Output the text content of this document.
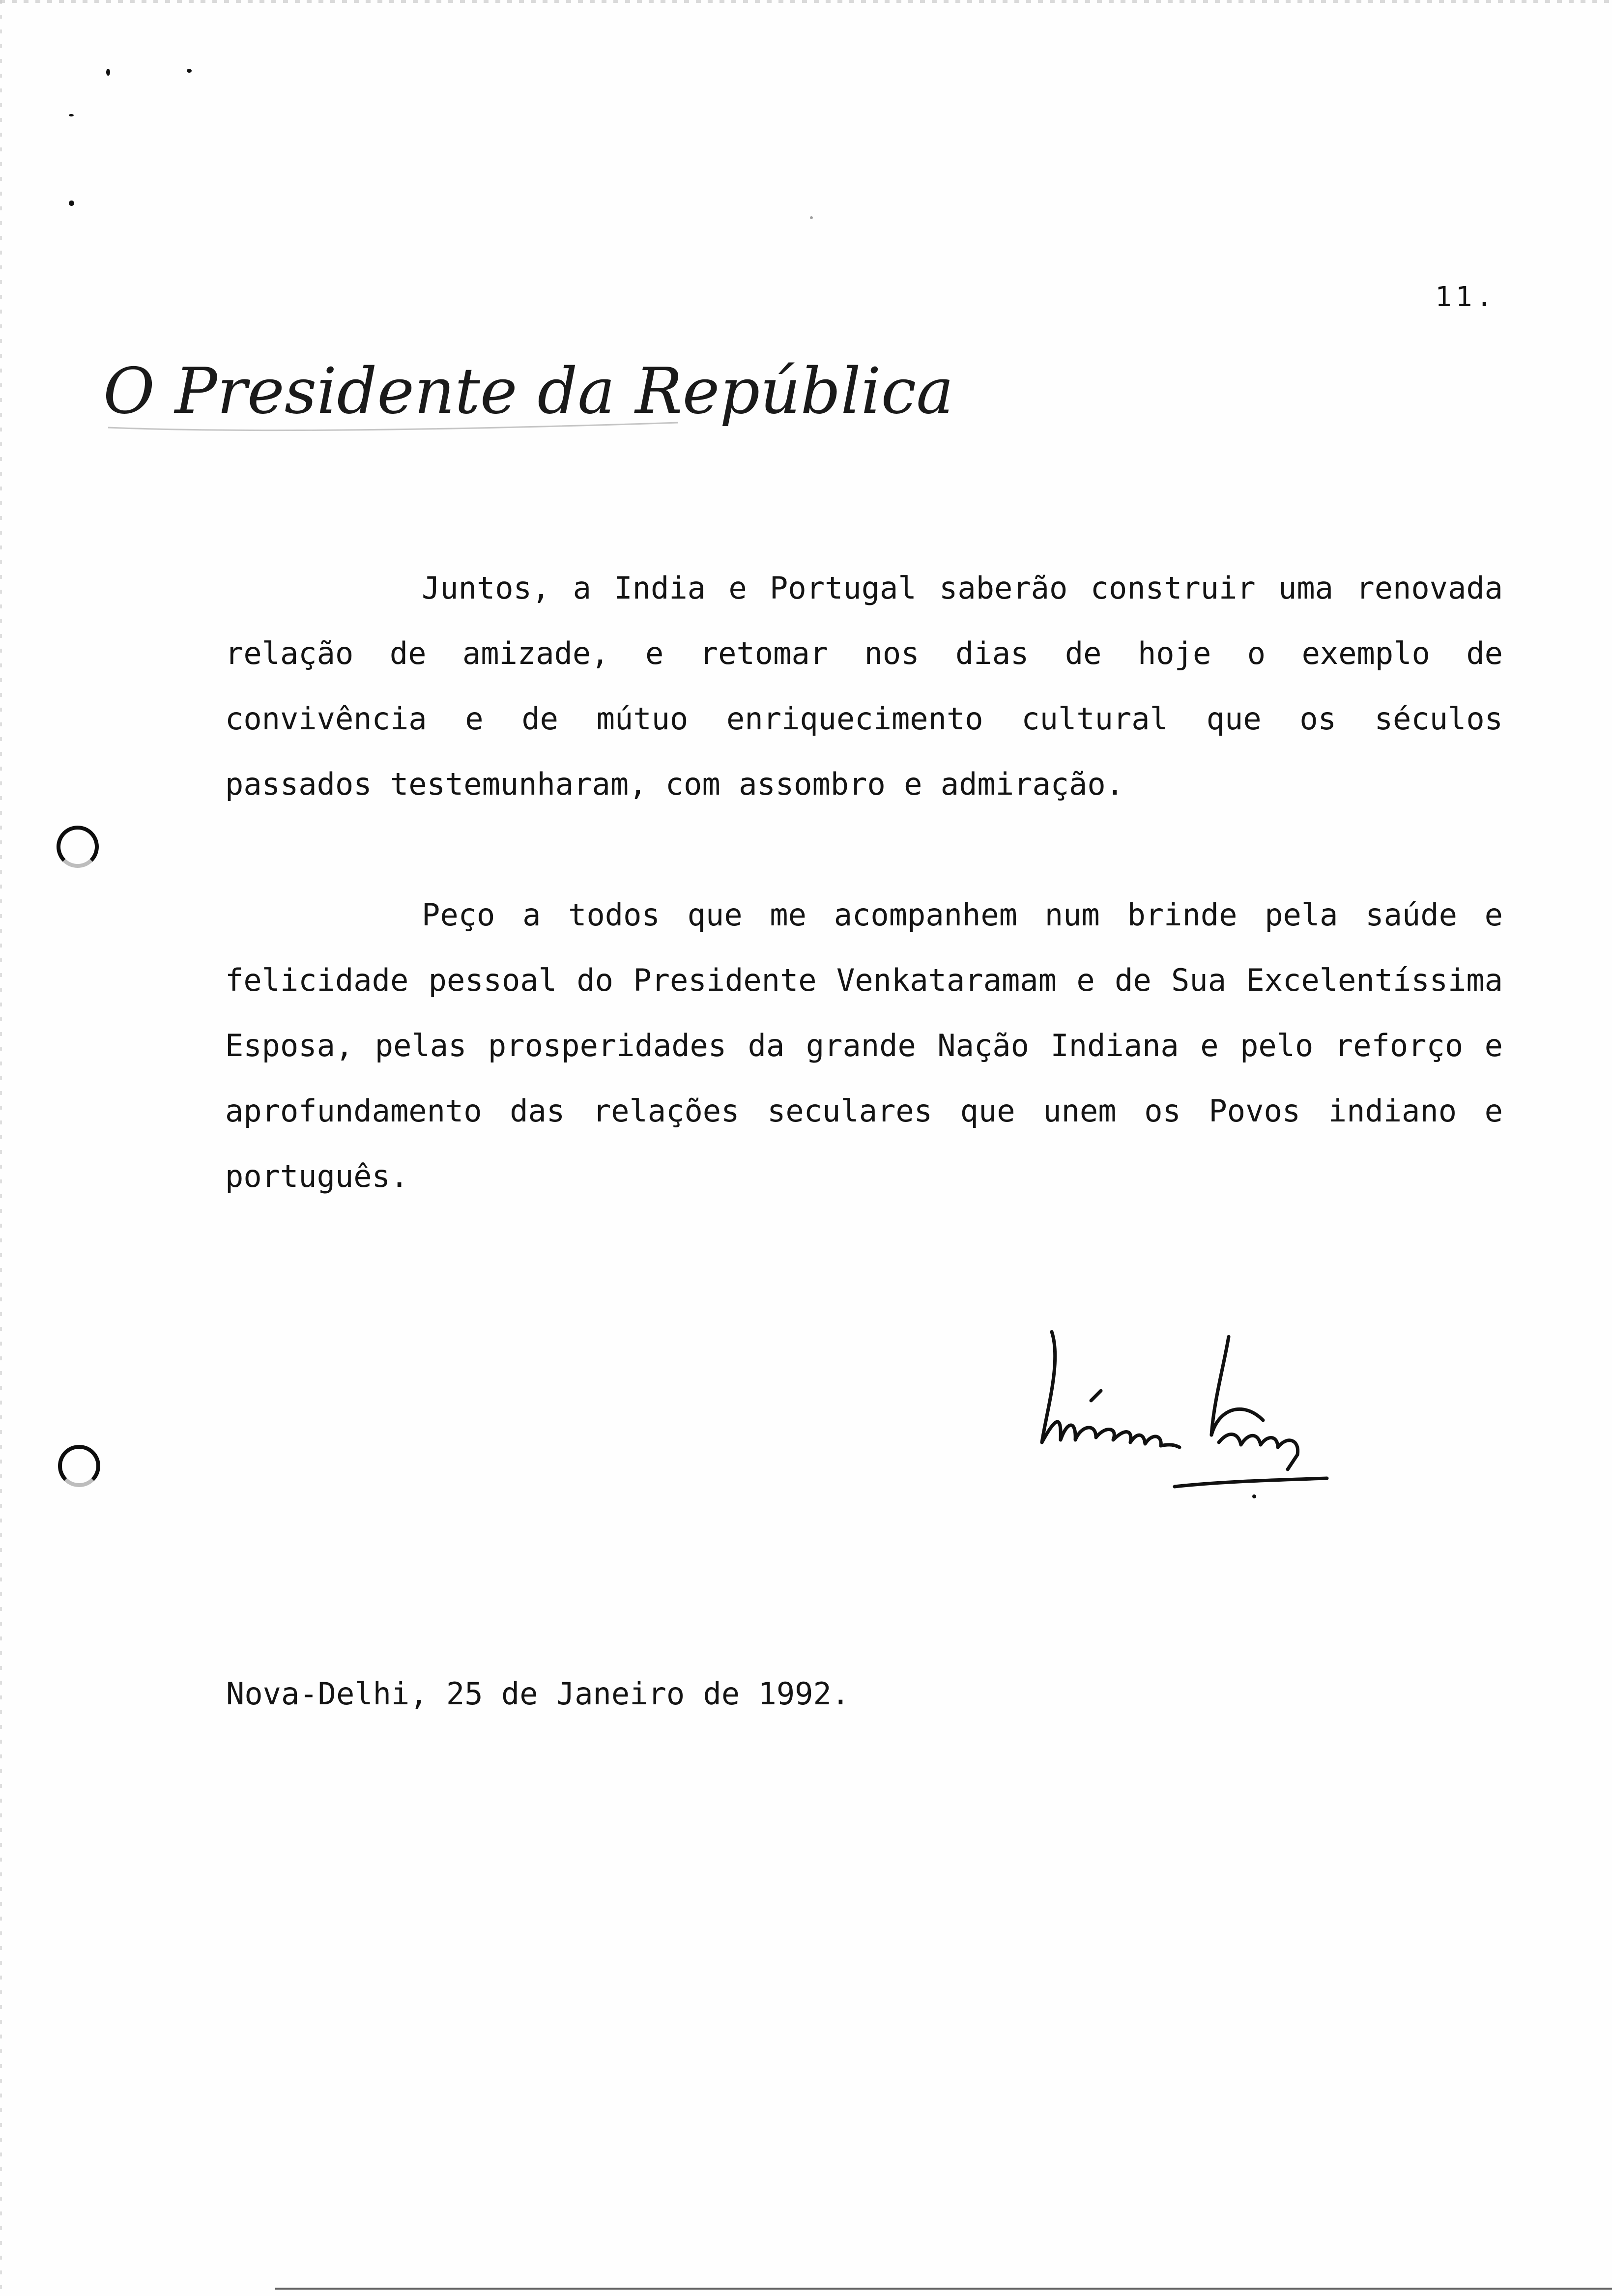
11.
O Presidente da República

Juntos, a India e Portugal saberão construir uma renovada relação de amizade, e retomar nos dias de hoje o exemplo de convivência e de mútuo enriquecimento cultural que os séculos passados testemunharam, com assombro e admiração.

Peço a todos que me acompanhem num brinde pela saúde e felicidade pessoal do Presidente Venkataramam e de Sua Excelentíssima Esposa, pelas prosperidades da grande Nação Indiana e pelo reforço e aprofundamento das relações seculares que unem os Povos indiano e português.

Nova-Delhi, 25 de Janeiro de 1992.
